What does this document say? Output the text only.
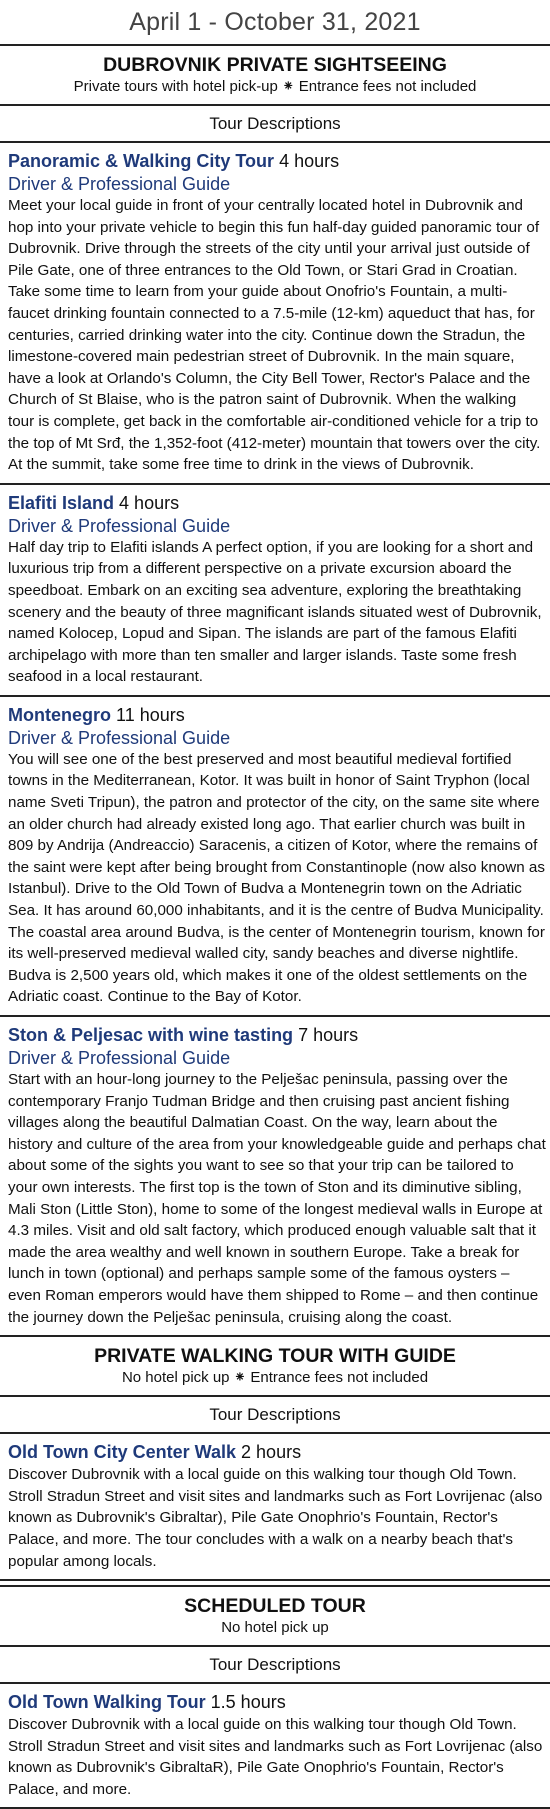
April 1 - October 31, 2021
DUBROVNIK PRIVATE SIGHTSEEING
Private tours with hotel pick-up ⁕ Entrance fees not included
Tour Descriptions
Panoramic & Walking City Tour 4 hours
Driver & Professional Guide
Meet your local guide in front of your centrally located hotel in Dubrovnik and hop into your private vehicle to begin this fun half-day guided panoramic tour of Dubrovnik. Drive through the streets of the city until your arrival just outside of Pile Gate, one of three entrances to the Old Town, or Stari Grad in Croatian. Take some time to learn from your guide about Onofrio's Fountain, a multi-faucet drinking fountain connected to a 7.5-mile (12-km) aqueduct that has, for centuries, carried drinking water into the city. Continue down the Stradun, the limestone-covered main pedestrian street of Dubrovnik. In the main square, have a look at Orlando's Column, the City Bell Tower, Rector's Palace and the Church of St Blaise, who is the patron saint of Dubrovnik. When the walking tour is complete, get back in the comfortable air-conditioned vehicle for a trip to the top of Mt Srđ, the 1,352-foot (412-meter) mountain that towers over the city. At the summit, take some free time to drink in the views of Dubrovnik.
Elafiti Island 4 hours
Driver & Professional Guide
Half day trip to Elafiti islands A perfect option, if you are looking for a short and luxurious trip from a different perspective on a private excursion aboard the speedboat. Embark on an exciting sea adventure, exploring the breathtaking scenery and the beauty of three magnificant islands situated west of Dubrovnik, named Kolocep, Lopud and Sipan. The islands are part of the famous Elafiti archipelago with more than ten smaller and larger islands. Taste some fresh seafood in a local restaurant.
Montenegro 11 hours
Driver & Professional Guide
You will see one of the best preserved and most beautiful medieval fortified towns in the Mediterranean, Kotor. It was built in honor of Saint Tryphon (local name Sveti Tripun), the patron and protector of the city, on the same site where an older church had already existed long ago. That earlier church was built in 809 by Andrija (Andreaccio) Saracenis, a citizen of Kotor, where the remains of the saint were kept after being brought from Constantinople (now also known as Istanbul). Drive to the Old Town of Budva a Montenegrin town on the Adriatic Sea. It has around 60,000 inhabitants, and it is the centre of Budva Municipality. The coastal area around Budva, is the center of Montenegrin tourism, known for its well-preserved medieval walled city, sandy beaches and diverse nightlife. Budva is 2,500 years old, which makes it one of the oldest settlements on the Adriatic coast. Continue to the Bay of Kotor.
Ston & Peljesac with wine tasting 7 hours
Driver & Professional Guide
Start with an hour-long journey to the Pelješac peninsula, passing over the contemporary Franjo Tudman Bridge and then cruising past ancient fishing villages along the beautiful Dalmatian Coast. On the way, learn about the history and culture of the area from your knowledgeable guide and perhaps chat about some of the sights you want to see so that your trip can be tailored to your own interests. The first top is the town of Ston and its diminutive sibling, Mali Ston (Little Ston), home to some of the longest medieval walls in Europe at 4.3 miles. Visit and old salt factory, which produced enough valuable salt that it made the area wealthy and well known in southern Europe. Take a break for lunch in town (optional) and perhaps sample some of the famous oysters – even Roman emperors would have them shipped to Rome – and then continue the journey down the Pelješac peninsula, cruising along the coast.
PRIVATE WALKING TOUR WITH GUIDE
No hotel pick up ⁕ Entrance fees not included
Tour Descriptions
Old Town City Center Walk 2 hours
Discover Dubrovnik with a local guide on this walking tour though Old Town. Stroll Stradun Street and visit sites and landmarks such as Fort Lovrijenac (also known as Dubrovnik's Gibraltar), Pile Gate Onophrio's Fountain, Rector's Palace, and more. The tour concludes with a walk on a nearby beach that's popular among locals.
SCHEDULED TOUR
No hotel pick up
Tour Descriptions
Old Town Walking Tour 1.5 hours
Discover Dubrovnik with a local guide on this walking tour though Old Town. Stroll Stradun Street and visit sites and landmarks such as Fort Lovrijenac (also known as Dubrovnik's GibraltaR), Pile Gate Onophrio's Fountain, Rector's Palace, and more.
